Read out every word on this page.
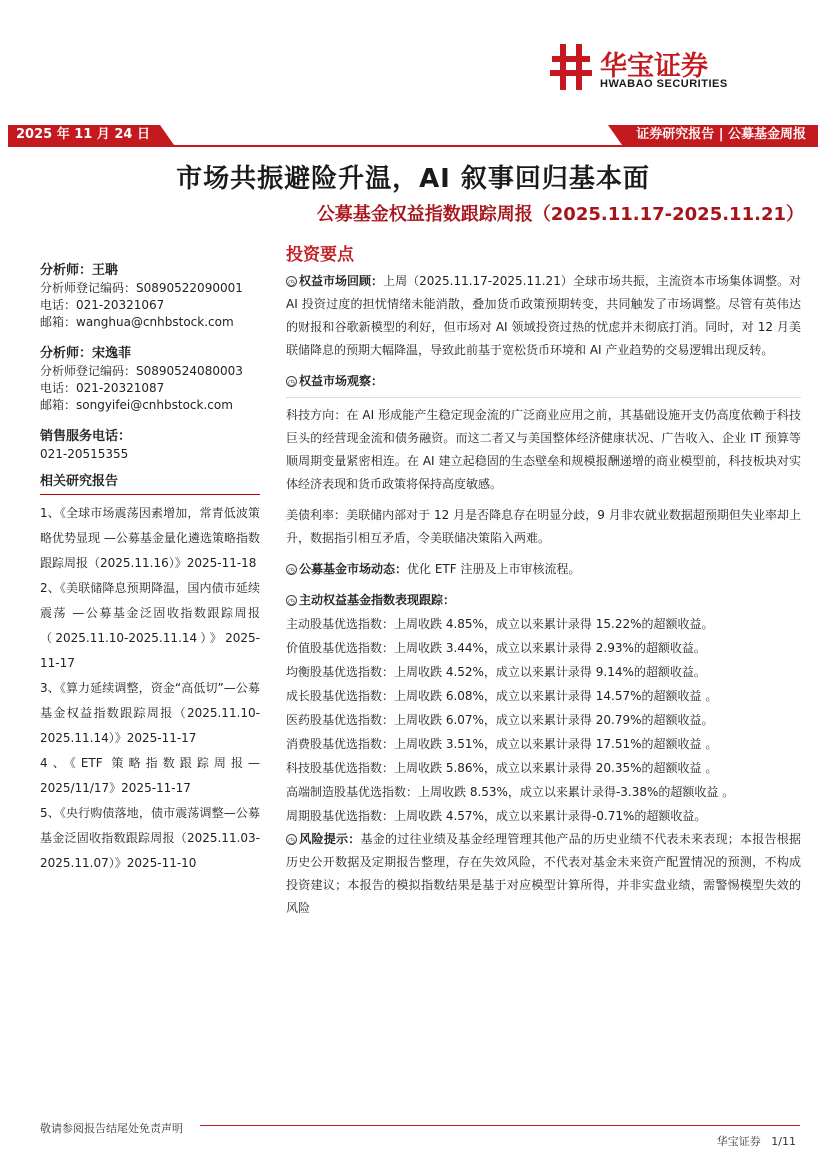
华宝证券
HWABAO SECURITIES
2025 年 11 月 24 日	证券研究报告 | 公募基金周报
市场共振避险升温，AI 叙事回归基本面
公募基金权益指数跟踪周报（2025.11.17-2025.11.21）
分析师：王聃
分析师登记编码：S0890522090001
电话：021-20321067
邮箱：wanghua@cnhbstock.com
分析师：宋逸菲
分析师登记编码：S0890524080003
电话：021-20321087
邮箱：songyifei@cnhbstock.com
销售服务电话：
021-20515355
相关研究报告
1、《全球市场震荡因素增加，常青低波策略优势显现 —公募基金量化遴选策略指数跟踪周报（2025.11.16）》2025-11-18
2、《美联储降息预期降温，国内债市延续震荡 —公募基金泛固收指数跟踪周报（2025.11.10-2025.11.14）》2025-11-17
3、《算力延续调整，资金“高低切”—公募基金权益指数跟踪周报（2025.11.10-2025.11.14）》2025-11-17
4、《ETF 策略指数跟踪周报—2025/11/17》2025-11-17
5、《央行购债落地，债市震荡调整—公募基金泛固收指数跟踪周报（2025.11.03-2025.11.07）》2025-11-10
投资要点
◷ 权益市场回顾：上周（2025.11.17-2025.11.21）全球市场共振，主流资本市场集体调整。对 AI 投资过度的担忧情绪未能消散，叠加货币政策预期转变，共同触发了市场调整。尽管有英伟达的财报和谷歌新模型的利好，但市场对 AI 领域投资过热的忧虑并未彻底打消。同时，对 12 月美联储降息的预期大幅降温，导致此前基于宽松货币环境和 AI 产业趋势的交易逻辑出现反转。
◷ 权益市场观察：
科技方向：在 AI 形成能产生稳定现金流的广泛商业应用之前，其基础设施开支仍高度依赖于科技巨头的经营现金流和债务融资。而这二者又与美国整体经济健康状况、广告收入、企业 IT 预算等顺周期变量紧密相连。在 AI 建立起稳固的生态壁垒和规模报酬递增的商业模型前，科技板块对实体经济表现和货币政策将保持高度敏感。
美债利率：美联储内部对于 12 月是否降息存在明显分歧，9 月非农就业数据超预期但失业率却上升，数据指引相互矛盾，令美联储决策陷入两难。
◷ 公募基金市场动态：优化 ETF 注册及上市审核流程。
◷ 主动权益基金指数表现跟踪：
主动股基优选指数：上周收跌 4.85%，成立以来累计录得 15.22%的超额收益。
价值股基优选指数：上周收跌 3.44%，成立以来累计录得 2.93%的超额收益。
均衡股基优选指数：上周收跌 4.52%，成立以来累计录得 9.14%的超额收益。
成长股基优选指数：上周收跌 6.08%，成立以来累计录得 14.57%的超额收益 。
医药股基优选指数：上周收跌 6.07%，成立以来累计录得 20.79%的超额收益。
消费股基优选指数：上周收跌 3.51%，成立以来累计录得 17.51%的超额收益 。
科技股基优选指数：上周收跌 5.86%，成立以来累计录得 20.35%的超额收益 。
高端制造股基优选指数：上周收跌 8.53%，成立以来累计录得-3.38%的超额收益 。
周期股基优选指数：上周收跌 4.57%，成立以来累计录得-0.71%的超额收益。
◷ 风险提示：基金的过往业绩及基金经理管理其他产品的历史业绩不代表未来表现；本报告根据历史公开数据及定期报告整理，存在失效风险，不代表对基金未来资产配置情况的预测，不构成投资建议；本报告的模拟指数结果是基于对应模型计算所得，并非实盘业绩，需警惕模型失效的风险
敬请参阅报告结尾处免责声明
华宝证券 1/11
